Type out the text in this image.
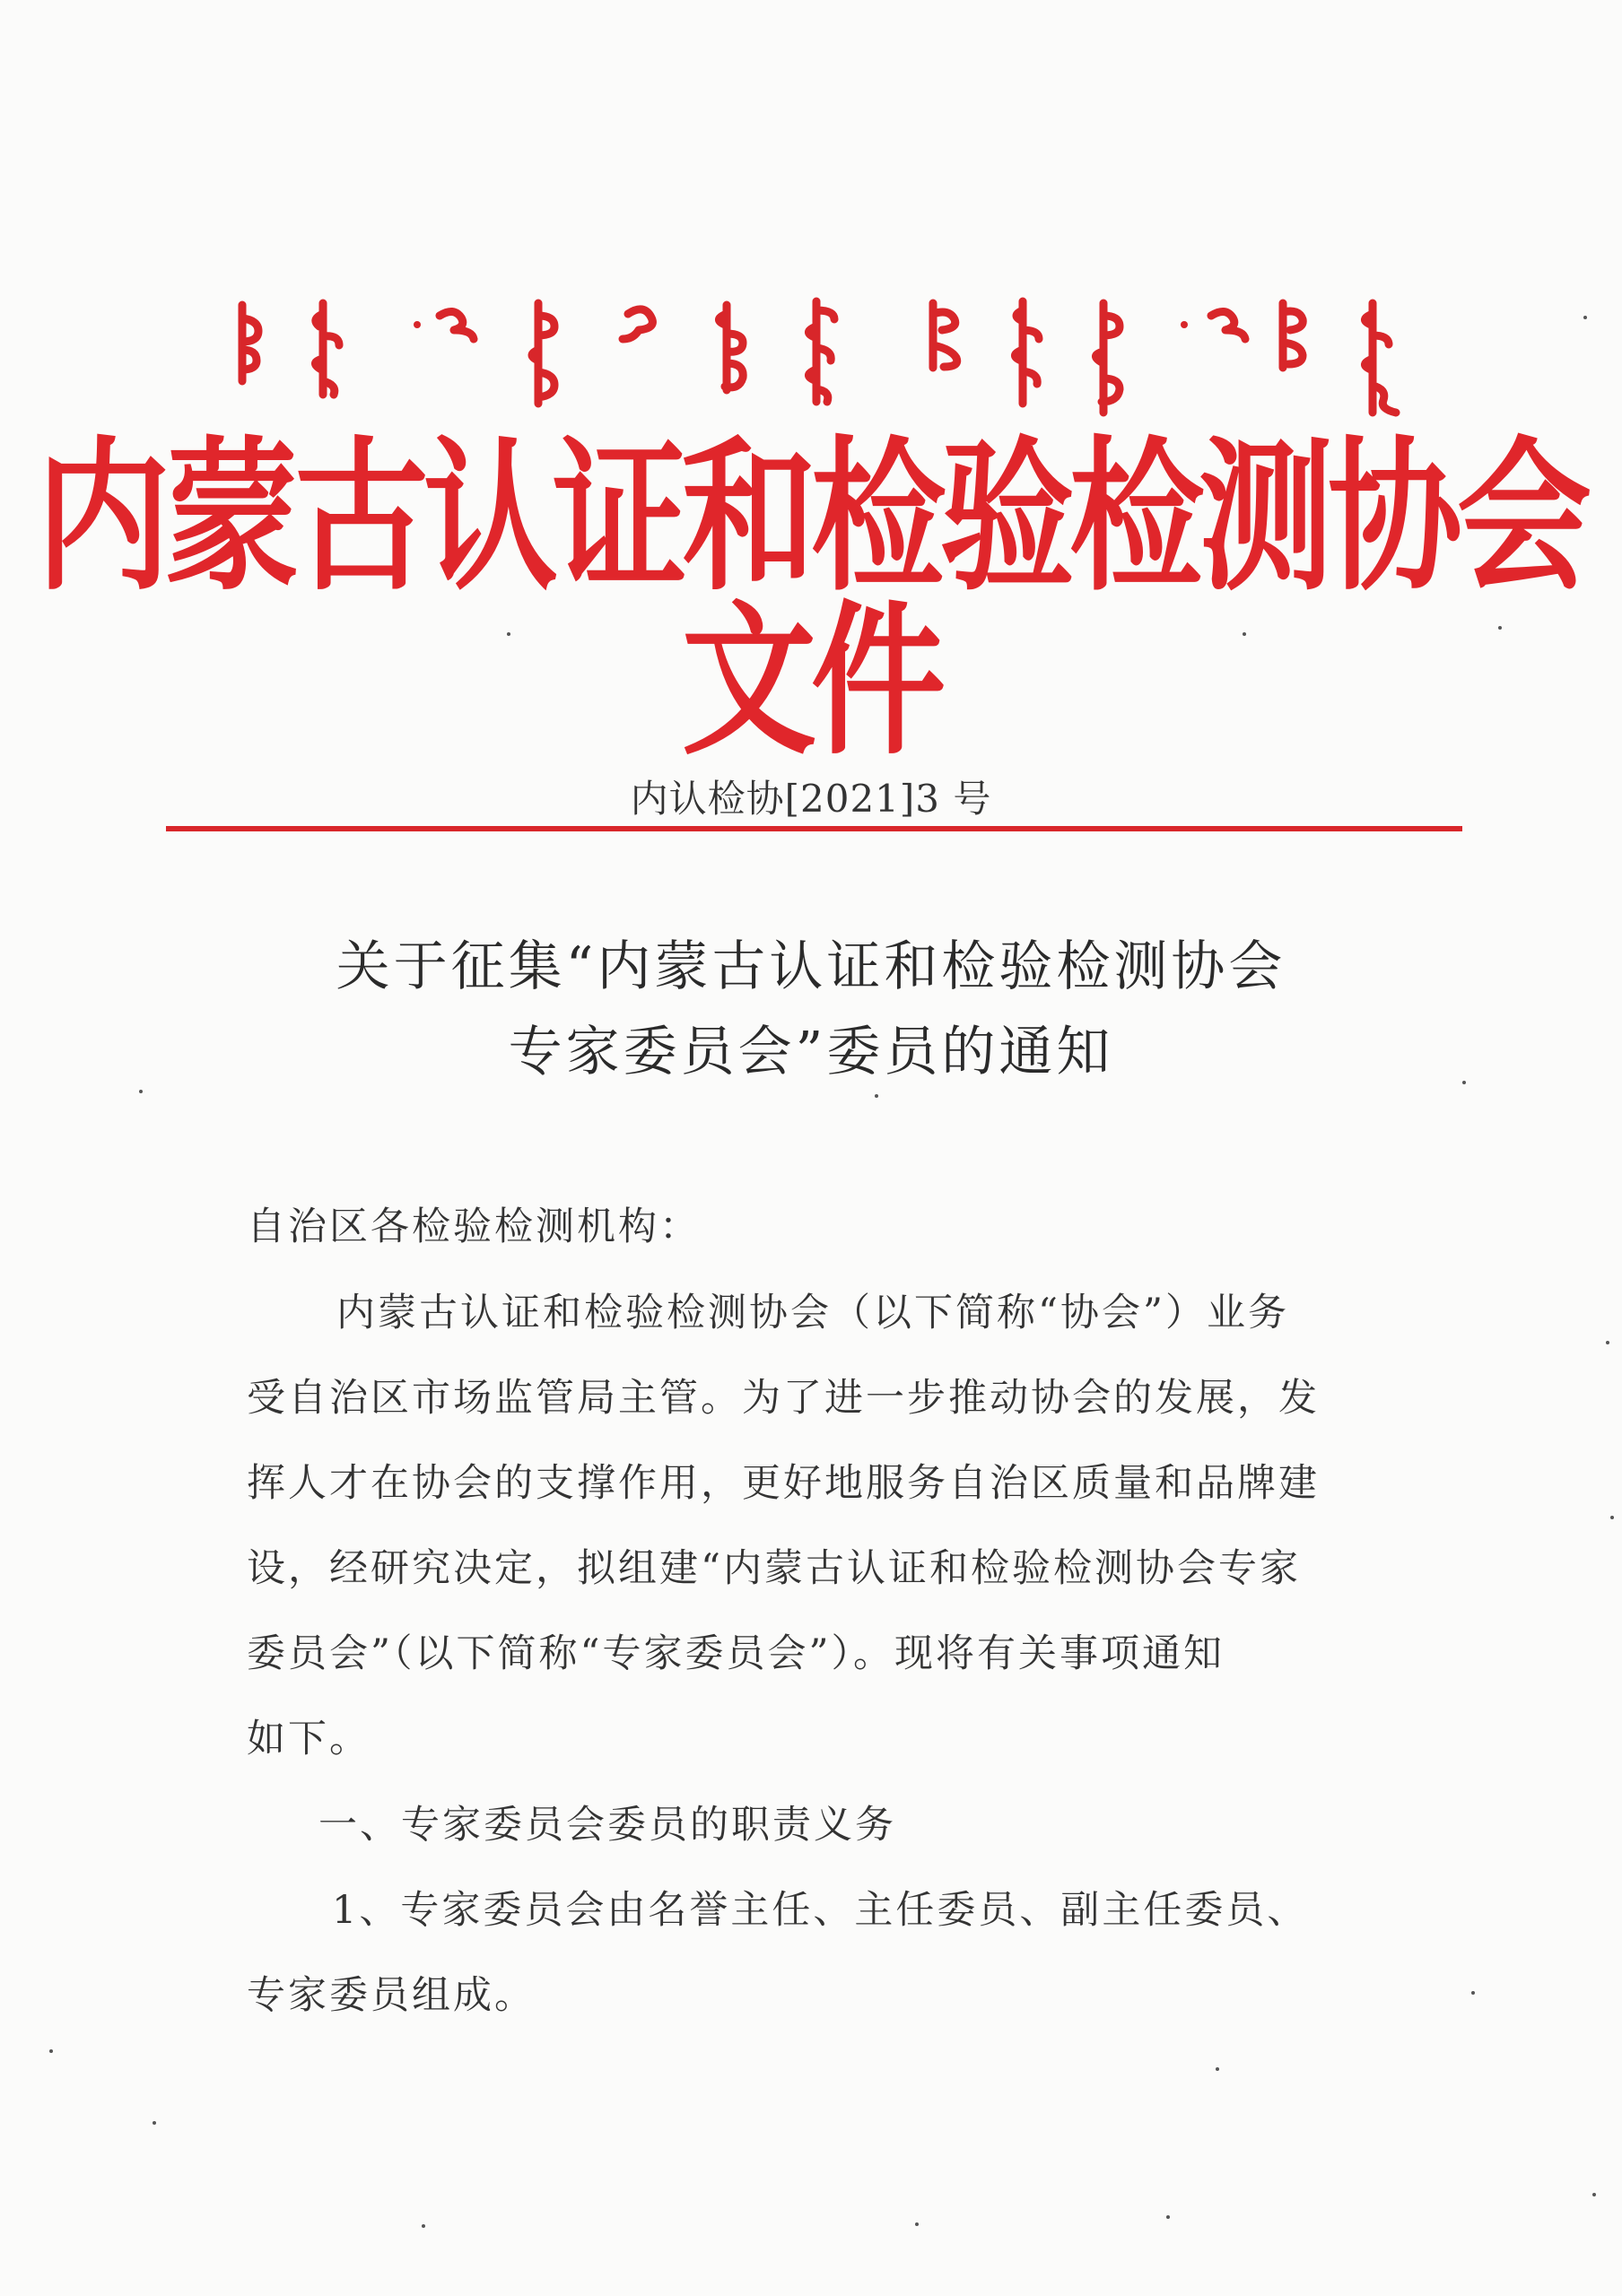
内蒙古认证和检验检测协会文件
内认检协[2021]3 号
关于征集“内蒙古认证和检验检测协会
专家委员会”委员的通知
自治区各检验检测机构：
内蒙古认证和检验检测协会（以下简称“协会”）业务
受自治区市场监管局主管。为了进一步推动协会的发展，发
挥人才在协会的支撑作用，更好地服务自治区质量和品牌建
设，经研究决定，拟组建“内蒙古认证和检验检测协会专家
委员会”（以下简称“专家委员会”）。现将有关事项通知
如下。
一、专家委员会委员的职责义务
1、专家委员会由名誉主任、主任委员、副主任委员、
专家委员组成。
